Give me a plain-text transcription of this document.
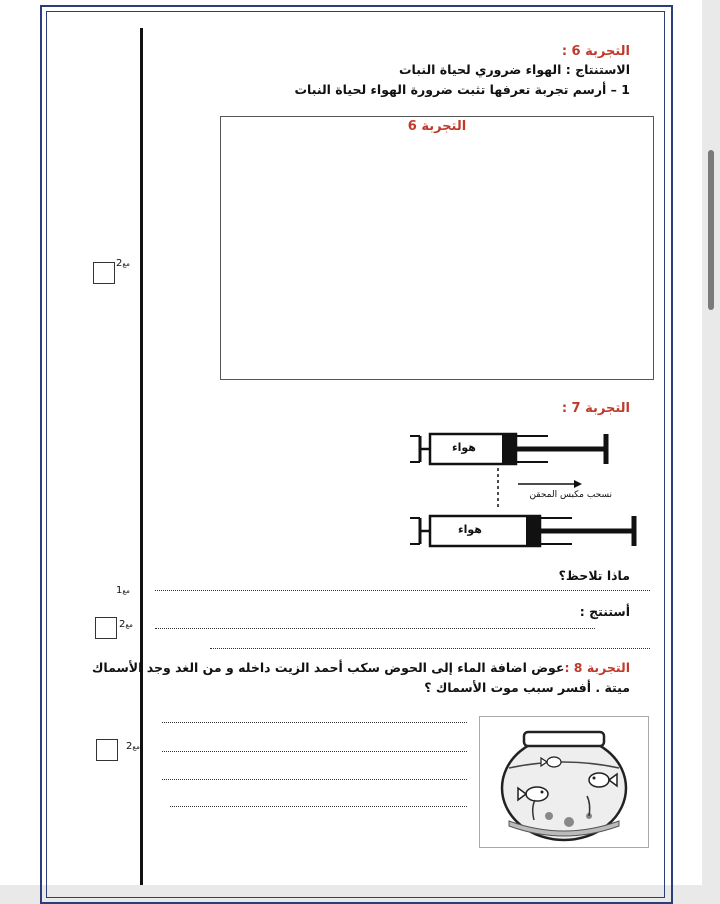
التجربة 6 :
الاستنتاج : الهواء ضروري لحياة النبات
1 – أرسم تجربة تعرفها تثبت ضرورة الهواء لحياة النبات
التجربة 6
2مع
التجربة 7 :
هواء
هواء
نسحب مكبس المحقن
ماذا تلاحظ؟
1مع
أستنتج :
2مع
التجربة 8 :عوض اضافة الماء إلى الحوض سكب أحمد الزيت داخله و من الغد وجد الأسماك
ميتة . أفسر سبب موت الأسماك ؟
2مع
